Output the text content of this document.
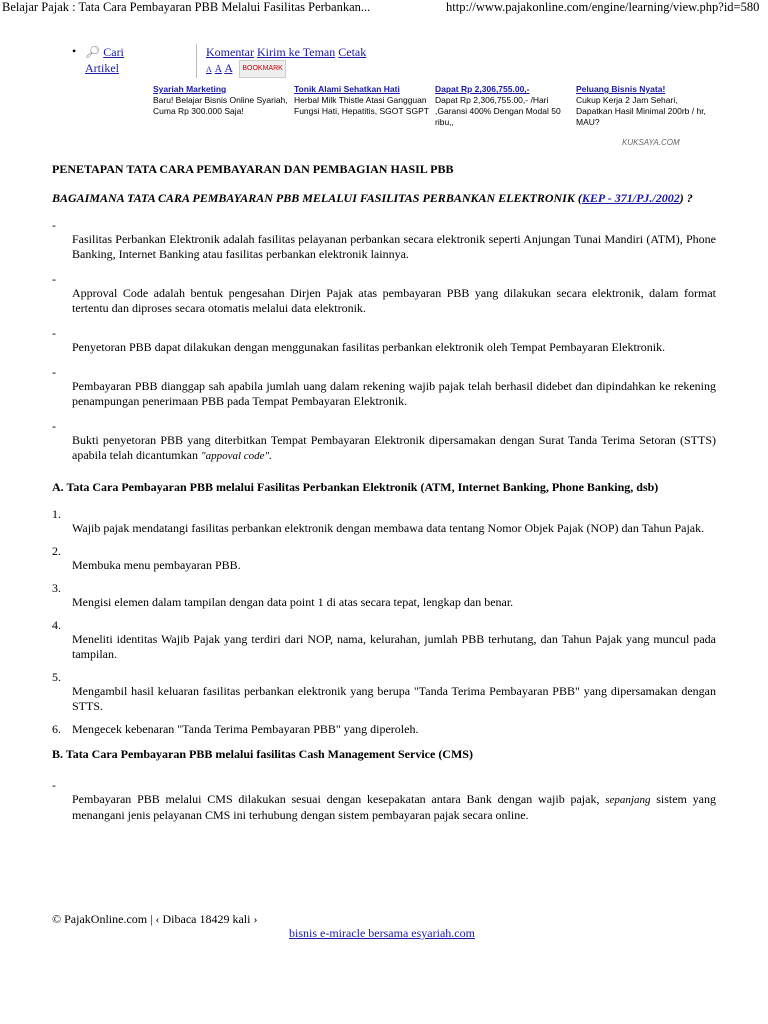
Belajar Pajak : Tata Cara Pembayaran PBB Melalui Fasilitas Perbankan...	http://www.pajakonline.com/engine/learning/view.php?id=580
• 🔎︎ Cari Artikel
Komentar Kirim ke Teman Cetak
A A A BOOKMARK
Syariah Marketing
Baru! Belajar Bisnis Online Syariah, Cuma Rp 300.000 Saja!
Tonik Alami Sehatkan Hati
Herbal Milk Thistle Atasi Gangguan Fungsi Hati, Hepatitis, SGOT SGPT
Dapat Rp 2,306,755.00,-
Dapat Rp 2,306,755.00,- /Hari ,Garansi 400% Dengan Modal 50 ribu,,
Peluang Bisnis Nyata!
Cukup Kerja 2 Jam Sehari, Dapatkan Hasil Minimal 200rb / hr, MAU?
KUKSAYA.COM
PENETAPAN TATA CARA PEMBAYARAN DAN PEMBAGIAN HASIL PBB
BAGAIMANA TATA CARA PEMBAYARAN PBB MELALUI FASILITAS PERBANKAN ELEKTRONIK (KEP - 371/PJ./2002) ?
-
Fasilitas Perbankan Elektronik adalah fasilitas pelayanan perbankan secara elektronik seperti Anjungan Tunai Mandiri (ATM), Phone Banking, Internet Banking atau fasilitas perbankan elektronik lainnya.
-
Approval Code adalah bentuk pengesahan Dirjen Pajak atas pembayaran PBB yang dilakukan secara elektronik, dalam format tertentu dan diproses secara otomatis melalui data elektronik.
-
Penyetoran PBB dapat dilakukan dengan menggunakan fasilitas perbankan elektronik oleh Tempat Pembayaran Elektronik.
-
Pembayaran PBB dianggap sah apabila jumlah uang dalam rekening wajib pajak telah berhasil didebet dan dipindahkan ke rekening penampungan penerimaan PBB pada Tempat Pembayaran Elektronik.
-
Bukti penyetoran PBB yang diterbitkan Tempat Pembayaran Elektronik dipersamakan dengan Surat Tanda Terima Setoran (STTS) apabila telah dicantumkan "appoval code".
A. Tata Cara Pembayaran PBB melalui Fasilitas Perbankan Elektronik (ATM, Internet Banking, Phone Banking, dsb)
1.
Wajib pajak mendatangi fasilitas perbankan elektronik dengan membawa data tentang Nomor Objek Pajak (NOP) dan Tahun Pajak.
2.
Membuka menu pembayaran PBB.
3.
Mengisi elemen dalam tampilan dengan data point 1 di atas secara tepat, lengkap dan benar.
4.
Meneliti identitas Wajib Pajak yang terdiri dari NOP, nama, kelurahan, jumlah PBB terhutang, dan Tahun Pajak yang muncul pada tampilan.
5.
Mengambil hasil keluaran fasilitas perbankan elektronik yang berupa "Tanda Terima Pembayaran PBB" yang dipersamakan dengan STTS.
6. Mengecek kebenaran "Tanda Terima Pembayaran PBB" yang diperoleh.
B. Tata Cara Pembayaran PBB melalui fasilitas Cash Management Service (CMS)
-
Pembayaran PBB melalui CMS dilakukan sesuai dengan kesepakatan antara Bank dengan wajib pajak, sepanjang sistem yang menangani jenis pelayanan CMS ini terhubung dengan sistem pembayaran pajak secara online.
© PajakOnline.com | ‹ Dibaca 18429 kali ›
bisnis e-miracle bersama esyariah.com
